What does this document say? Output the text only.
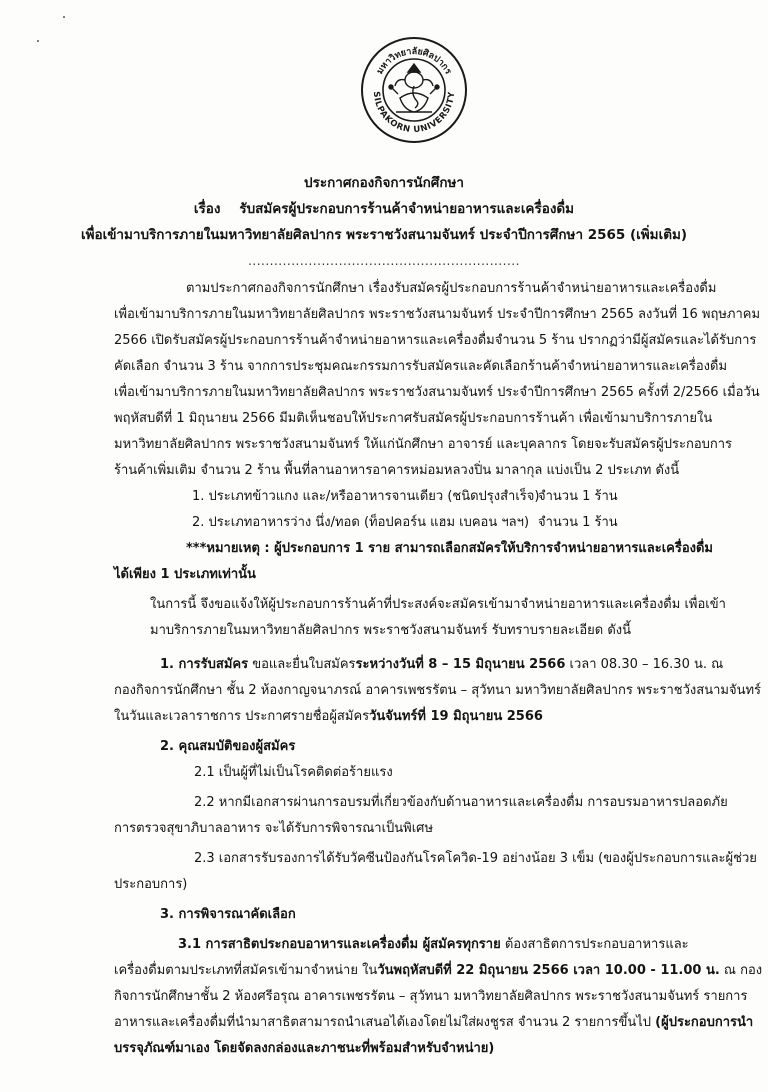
มหาวิทยาลัยศิลปากร
SILPAKORN UNIVERSITY
ประกาศกองกิจการนักศึกษา
เรื่อง รับสมัครผู้ประกอบการร้านค้าจำหน่ายอาหารและเครื่องดื่ม
เพื่อเข้ามาบริการภายในมหาวิทยาลัยศิลปากร พระราชวังสนามจันทร์ ประจำปีการศึกษา 2565 (เพิ่มเติม)
...............................................................

ตามประกาศกองกิจการนักศึกษา เรื่องรับสมัครผู้ประกอบการร้านค้าจำหน่ายอาหารและเครื่องดื่ม
เพื่อเข้ามาบริการภายในมหาวิทยาลัยศิลปากร พระราชวังสนามจันทร์ ประจำปีการศึกษา 2565 ลงวันที่ 16 พฤษภาคม
2566 เปิดรับสมัครผู้ประกอบการร้านค้าจำหน่ายอาหารและเครื่องดื่มจำนวน 5 ร้าน ปรากฏว่ามีผู้สมัครและได้รับการ
คัดเลือก จำนวน 3 ร้าน จากการประชุมคณะกรรมการรับสมัครและคัดเลือกร้านค้าจำหน่ายอาหารและเครื่องดื่ม
เพื่อเข้ามาบริการภายในมหาวิทยาลัยศิลปากร พระราชวังสนามจันทร์ ประจำปีการศึกษา 2565 ครั้งที่ 2/2566 เมื่อวัน
พฤหัสบดีที่ 1 มิถุนายน 2566 มีมติเห็นชอบให้ประกาศรับสมัครผู้ประกอบการร้านค้า เพื่อเข้ามาบริการภายใน
มหาวิทยาลัยศิลปากร พระราชวังสนามจันทร์ ให้แก่นักศึกษา อาจารย์ และบุคลากร โดยจะรับสมัครผู้ประกอบการ
ร้านค้าเพิ่มเติม จำนวน 2 ร้าน พื้นที่ลานอาหารอาคารหม่อมหลวงปิ่น มาลากุล แบ่งเป็น 2 ประเภท ดังนี้

1. ประเภทข้าวแกง และ/หรืออาหารจานเดียว (ชนิดปรุงสำเร็จ)
จำนวน 1 ร้าน
2. ประเภทอาหารว่าง นึ่ง/ทอด (ท็อปคอร์น แฮม เบคอน ฯลฯ) จำนวน 1 ร้าน
***หมายเหตุ : ผู้ประกอบการ 1 ราย สามารถเลือกสมัครให้บริการจำหน่ายอาหารและเครื่องดื่ม
ได้เพียง 1 ประเภทเท่านั้น
ในการนี้ จึงขอแจ้งให้ผู้ประกอบการร้านค้าที่ประสงค์จะสมัครเข้ามาจำหน่ายอาหารและเครื่องดื่ม เพื่อเข้า
มาบริการภายในมหาวิทยาลัยศิลปากร พระราชวังสนามจันทร์ รับทราบรายละเอียด ดังนี้
1. การรับสมัคร ขอและยื่นใบสมัครระหว่างวันที่ 8 – 15 มิถุนายน 2566 เวลา 08.30 – 16.30 น. ณ
กองกิจการนักศึกษา ชั้น 2 ห้องกาญจนาภรณ์ อาคารเพชรรัตน – สุวัทนา มหาวิทยาลัยศิลปากร พระราชวังสนามจันทร์
ในวันและเวลาราชการ ประกาศรายชื่อผู้สมัครวันจันทร์ที่ 19 มิถุนายน 2566
2. คุณสมบัติของผู้สมัคร
2.1 เป็นผู้ที่ไม่เป็นโรคติดต่อร้ายแรง
2.2 หากมีเอกสารผ่านการอบรมที่เกี่ยวข้องกับด้านอาหารและเครื่องดื่ม การอบรมอาหารปลอดภัย
การตรวจสุขาภิบาลอาหาร จะได้รับการพิจารณาเป็นพิเศษ
2.3 เอกสารรับรองการได้รับวัคซีนป้องกันโรคโควิด-19 อย่างน้อย 3 เข็ม (ของผู้ประกอบการและผู้ช่วย
ประกอบการ)
3. การพิจารณาคัดเลือก
3.1 การสาธิตประกอบอาหารและเครื่องดื่ม ผู้สมัครทุกราย ต้องสาธิตการประกอบอาหารและ
เครื่องดื่มตามประเภทที่สมัครเข้ามาจำหน่าย ในวันพฤหัสบดีที่ 22 มิถุนายน 2566 เวลา 10.00 - 11.00 น. ณ กอง
กิจการนักศึกษาชั้น 2 ห้องศรีอรุณ อาคารเพชรรัตน – สุวัทนา มหาวิทยาลัยศิลปากร พระราชวังสนามจันทร์ รายการ
อาหารและเครื่องดื่มที่นำมาสาธิตสามารถนำเสนอได้เองโดยไม่ใส่ผงชูรส จำนวน 2 รายการขึ้นไป (ผู้ประกอบการนำ
บรรจุภัณฑ์มาเอง โดยจัดลงกล่องและภาชนะที่พร้อมสำหรับจำหน่าย)
